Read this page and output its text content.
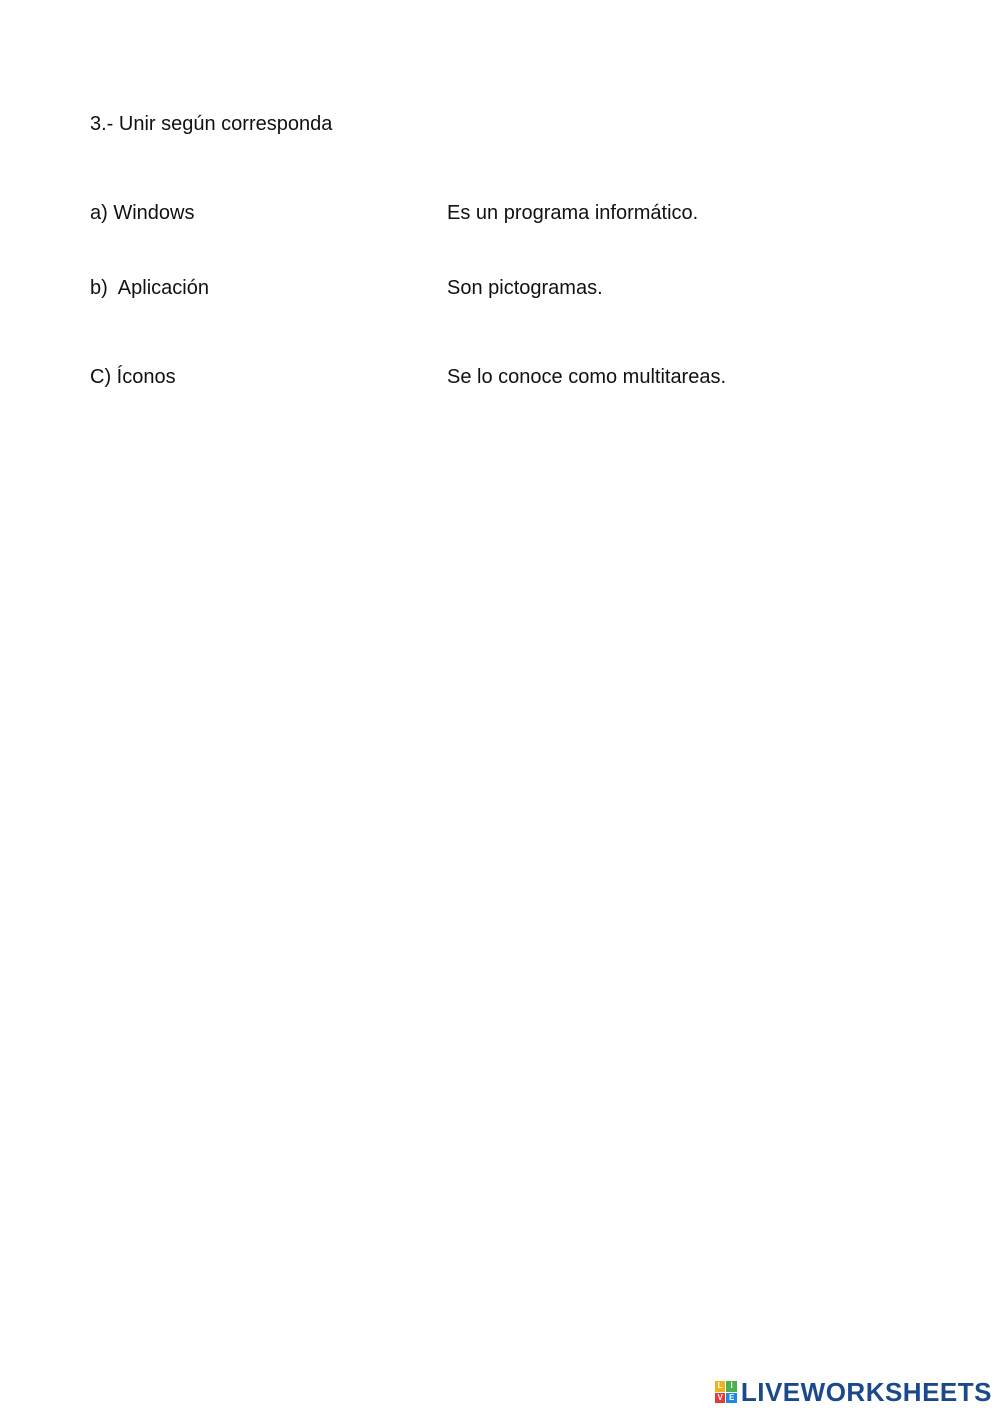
3.- Unir según corresponda
a) Windows
b)  Aplicación
C) Íconos
Es un programa informático.
Son pictogramas.
Se lo conoce como multitareas.
L I
V E LIVEWORKSHEETS
